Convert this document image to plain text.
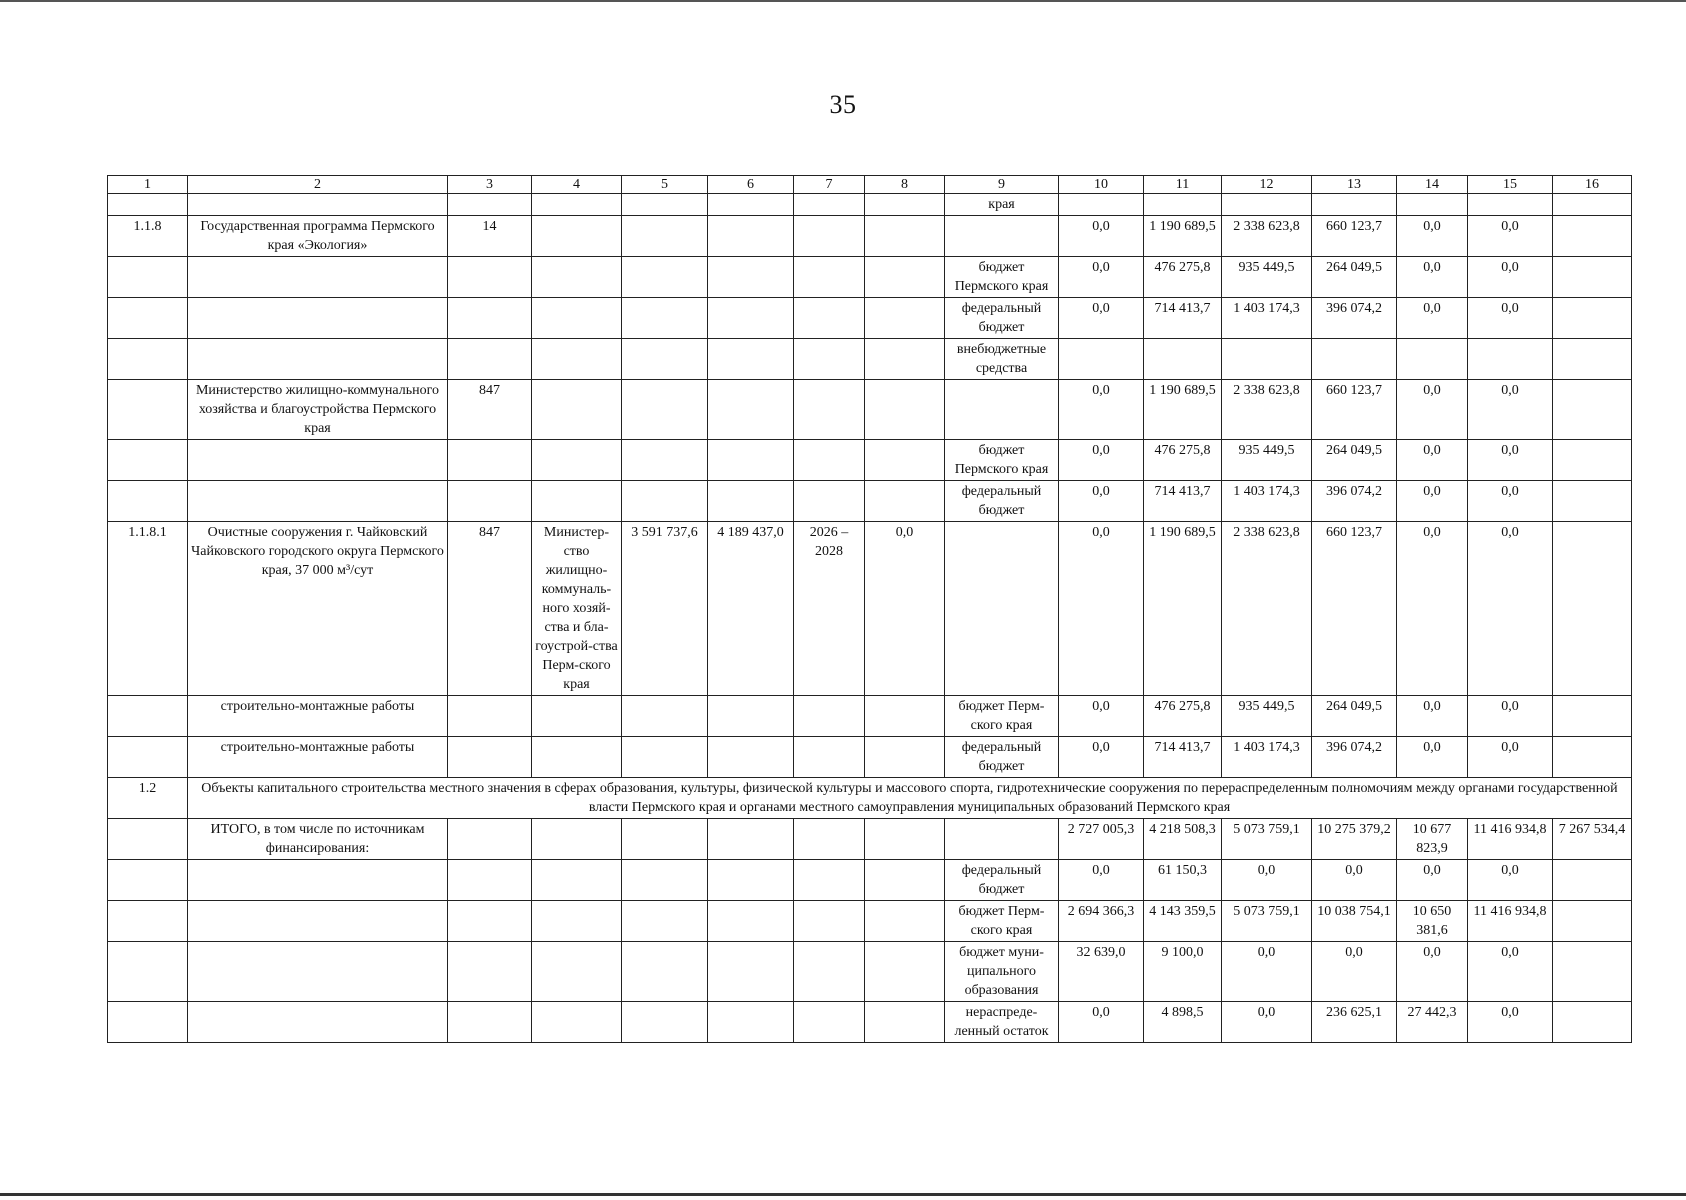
35
1	2	3	4	5	6	7	8	9	10	11	12	13	14	15	16
								края							
1.1.8	Государственная программа Пермского края «Экология»	14							0,0	1 190 689,5	2 338 623,8	660 123,7	0,0	0,0	
								бюджет Пермского края	0,0	476 275,8	935 449,5	264 049,5	0,0	0,0	
								федеральный бюджет	0,0	714 413,7	1 403 174,3	396 074,2	0,0	0,0	
								внебюджетные средства							
	Министерство жилищно-коммунального хозяйства и благоустройства Пермского края	847							0,0	1 190 689,5	2 338 623,8	660 123,7	0,0	0,0	
								бюджет Пермского края	0,0	476 275,8	935 449,5	264 049,5	0,0	0,0	
								федеральный бюджет	0,0	714 413,7	1 403 174,3	396 074,2	0,0	0,0	
1.1.8.1	Очистные сооружения г. Чайковский Чайковского городского округа Пермского края, 37 000 м³/сут	847	Министер-ство жилищно-коммуналь-ного хозяй-ства и бла-гоустрой-ства Перм-ского края	3 591 737,6	4 189 437,0	2026 – 2028	0,0		0,0	1 190 689,5	2 338 623,8	660 123,7	0,0	0,0	
	строительно-монтажные работы							бюджет Перм-ского края	0,0	476 275,8	935 449,5	264 049,5	0,0	0,0	
	строительно-монтажные работы							федеральный бюджет	0,0	714 413,7	1 403 174,3	396 074,2	0,0	0,0	
1.2	Объекты капитального строительства местного значения в сферах образования, культуры, физической культуры и массового спорта, гидротехнические сооружения по перераспределенным полномочиям между органами государственной власти Пермского края и органами местного самоуправления муниципальных образований Пермского края														
	ИТОГО, в том числе по источникам финансирования:								2 727 005,3	4 218 508,3	5 073 759,1	10 275 379,2	10 677 823,9	11 416 934,8	7 267 534,4
								федеральный бюджет	0,0	61 150,3	0,0	0,0	0,0	0,0	
								бюджет Перм-ского края	2 694 366,3	4 143 359,5	5 073 759,1	10 038 754,1	10 650 381,6	11 416 934,8	
								бюджет муни-ципального образования	32 639,0	9 100,0	0,0	0,0	0,0	0,0	
								нераспреде-ленный остаток	0,0	4 898,5	0,0	236 625,1	27 442,3	0,0	
